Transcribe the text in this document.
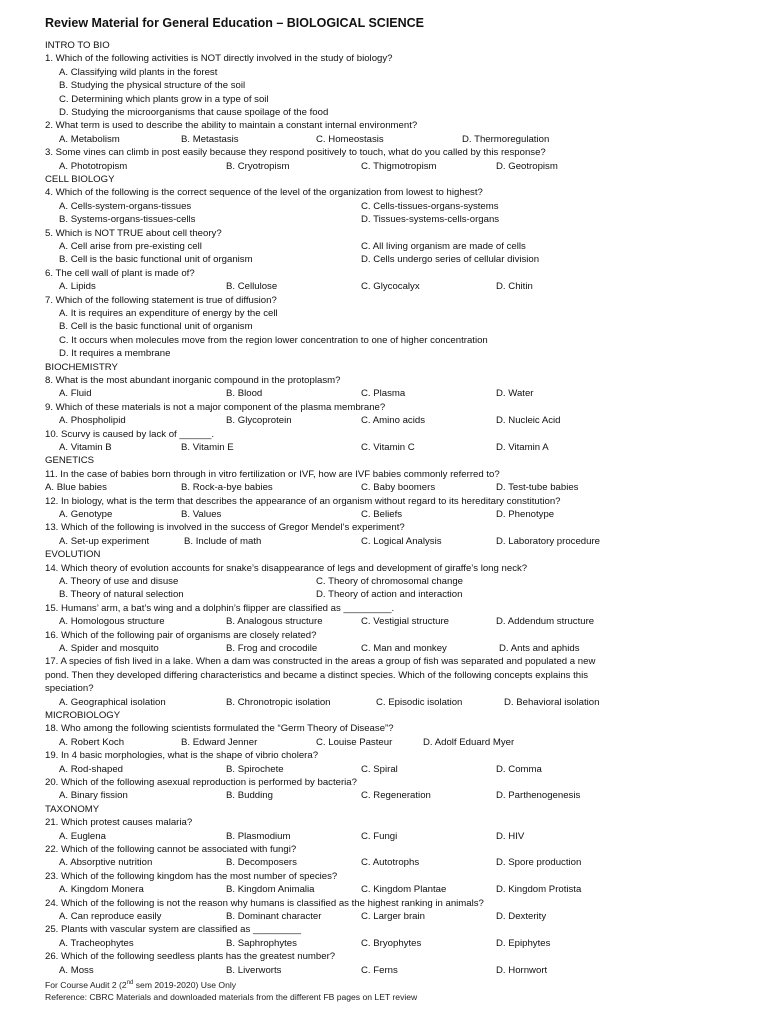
Review Material for General Education – BIOLOGICAL SCIENCE
INTRO TO BIO
1. Which of the following activities is NOT directly involved in the study of biology?
A. Classifying wild plants in the forest
B. Studying the physical structure of the soil
C. Determining which plants grow in a type of soil
D. Studying the microorganisms that cause spoilage of the food
2. What term is used to describe the ability to maintain a constant internal environment?
A. Metabolism	B. Metastasis	C. Homeostasis	D. Thermoregulation
3. Some vines can climb in post easily because they respond positively to touch, what do you called by this response?
A. Phototropism	B. Cryotropism	C. Thigmotropism	D. Geotropism
CELL BIOLOGY
4. Which of the following is the correct sequence of the level of the organization from lowest to highest?
A. Cells-system-organs-tissues	C. Cells-tissues-organs-systems
B. Systems-organs-tissues-cells	D. Tissues-systems-cells-organs
5. Which is NOT TRUE about cell theory?
A. Cell arise from pre-existing cell	C. All living organism are made of cells
B. Cell is the basic functional unit of organism	D. Cells undergo series of cellular division
6. The cell wall of plant is made of?
A. Lipids	B. Cellulose	C. Glycocalyx	D. Chitin
7. Which of the following statement is true of diffusion?
A. It is requires an expenditure of energy by the cell
B. Cell is the basic functional unit of organism
C. It occurs when molecules move from the region lower concentration to one of higher concentration
D. It requires a membrane
BIOCHEMISTRY
8. What is the most abundant inorganic compound in the protoplasm?
A. Fluid	B. Blood	C. Plasma	D. Water
9. Which of these materials is not a major component of the plasma membrane?
A. Phospholipid	B. Glycoprotein	C. Amino acids	D. Nucleic Acid
10. Scurvy is caused by lack of ______.
A. Vitamin B	B. Vitamin E	C. Vitamin C	D. Vitamin A
GENETICS
11. In the case of babies born through in vitro fertilization or IVF, how are IVF babies commonly referred to?
A. Blue babies	B. Rock-a-bye babies	C. Baby boomers	D. Test-tube babies
12. In biology, what is the term that describes the appearance of an organism without regard to its hereditary constitution?
A. Genotype	B. Values	C. Beliefs	D. Phenotype
13. Which of the following is involved in the success of Gregor Mendel’s experiment?
A. Set-up experiment	B. Include of math	C. Logical Analysis	D. Laboratory procedure
EVOLUTION
14. Which theory of evolution accounts for snake’s disappearance of legs and development of giraffe’s long neck?
A. Theory of use and disuse	C. Theory of chromosomal change
B. Theory of natural selection	D. Theory of action and interaction
15. Humans’ arm, a bat’s wing and a dolphin’s flipper are classified as _________.
A. Homologous structure	B. Analogous structure	C. Vestigial structure	D. Addendum structure
16. Which of the following pair of organisms are closely related?
A. Spider and mosquito	B. Frog and crocodile	C. Man and monkey	D. Ants and aphids
17. A species of fish lived in a lake. When a dam was constructed in the areas a group of fish was separated and populated a new
pond. Then they developed differing characteristics and became a distinct species. Which of the following concepts explains this
speciation?
A. Geographical isolation	B. Chronotropic isolation	C. Episodic isolation	D. Behavioral isolation
MICROBIOLOGY
18. Who among the following scientists formulated the “Germ Theory of Disease”?
A. Robert Koch	B. Edward Jenner	C. Louise Pasteur	D. Adolf Eduard Myer
19. In 4 basic morphologies, what is the shape of vibrio cholera?
A. Rod-shaped	B. Spirochete	C. Spiral	D. Comma
20. Which of the following asexual reproduction is performed by bacteria?
A. Binary fission	B. Budding	C. Regeneration	D. Parthenogenesis
TAXONOMY
21. Which protest causes malaria?
A. Euglena	B. Plasmodium	C. Fungi	D. HIV
22. Which of the following cannot be associated with fungi?
A. Absorptive nutrition	B. Decomposers	C. Autotrophs	D. Spore production
23. Which of the following kingdom has the most number of species?
A. Kingdom Monera	B. Kingdom Animalia	C. Kingdom Plantae	D. Kingdom Protista
24. Which of the following is not the reason why humans is classified as the highest ranking in animals?
A. Can reproduce easily	B. Dominant character	C. Larger brain	D. Dexterity
25. Plants with vascular system are classified as _________
A. Tracheophytes	B. Saphrophytes	C. Bryophytes	D. Epiphytes
26. Which of the following seedless plants has the greatest number?
A. Moss	B. Liverworts	C. Ferns	D. Hornwort
For Course Audit 2 (2nd sem 2019-2020) Use Only
Reference: CBRC Materials and downloaded materials from the different FB pages on LET review
